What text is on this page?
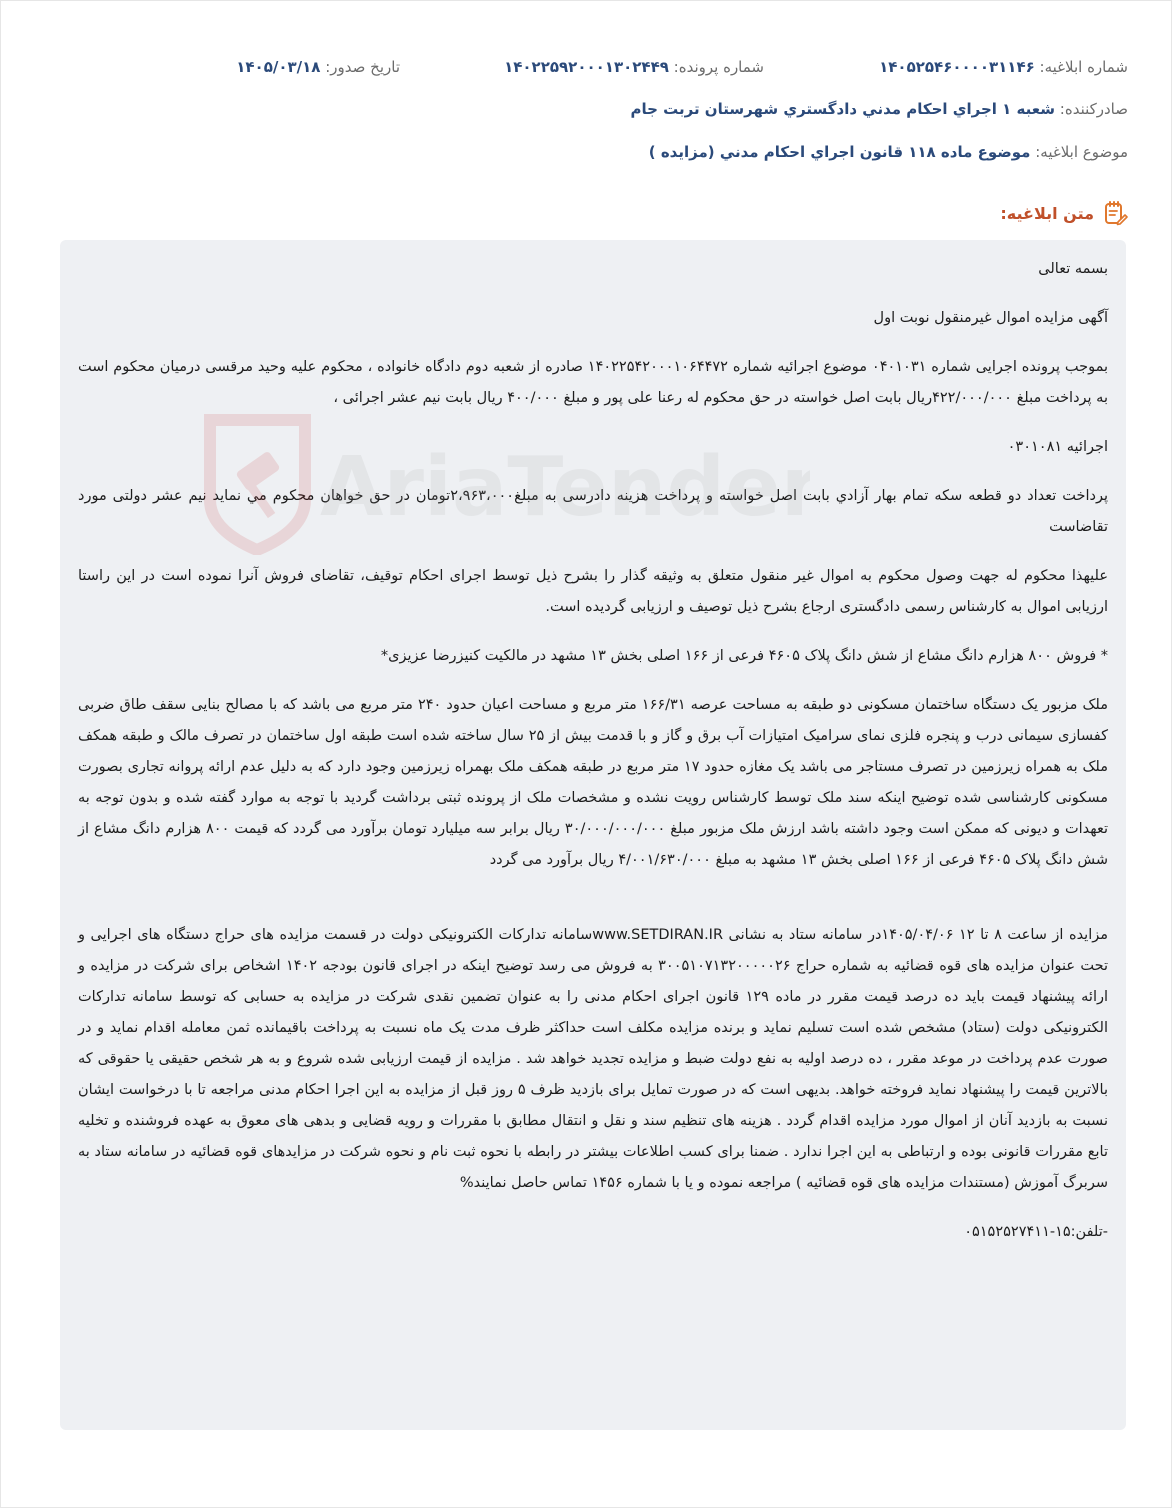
شماره ابلاغیه: ۱۴۰۵۲۵۴۶۰۰۰۰۳۱۱۴۶
شماره پرونده: ۱۴۰۲۲۵۹۲۰۰۰۱۳۰۲۴۴۹
تاریخ صدور: ۱۴۰۵/۰۳/۱۸
صادرکننده: شعبه ۱ اجراي احكام مدني دادگستري شهرستان تربت جام
موضوع ابلاغیه: موضوع ماده ۱۱۸ قانون اجراي احكام مدني (مزایده )
متن ابلاغیه:

بسمه تعالی

آگهی مزایده اموال غیرمنقول نوبت اول

بموجب پرونده اجرایی شماره ۰۴۰۱۰۳۱ موضوع اجرائیه شماره ۱۴۰۲۲۵۴۲۰۰۰۱۰۶۴۴۷۲ صادره از شعبه دوم دادگاه خانواده ، محکوم علیه وحید مرقسی درمیان محکوم است به پرداخت مبلغ ۴۲۲/۰۰۰/۰۰۰ریال بابت اصل خواسته در حق محکوم له رعنا علی پور و مبلغ ۴۰۰/۰۰۰ ریال بابت نیم عشر اجرائی ،

اجرائیه ۰۳۰۱۰۸۱

پرداخت تعداد دو قطعه سکه تمام بهار آزادي بابت اصل خواسته و پرداخت هزینه دادرسی به مبلغ۲،۹۶۳،۰۰۰تومان در حق خواهان محکوم مي نماید نیم عشر دولتی مورد تقاضاست

علیهذا محکوم له جهت وصول محکوم به اموال غیر منقول متعلق به وثیقه گذار را بشرح ذیل توسط اجرای احکام توقیف، تقاضای فروش آنرا نموده است در این راستا ارزیابی اموال به کارشناس رسمی دادگستری ارجاع بشرح ذیل توصیف و ارزیابی گردیده است.

* فروش ۸۰۰ هزارم دانگ مشاع از شش دانگ پلاک ۴۶۰۵ فرعی از ۱۶۶ اصلی بخش ۱۳ مشهد در مالکیت کنیزرضا عزیزی*

ملک مزبور یک دستگاه ساختمان مسکونی دو طبقه به مساحت عرصه ۱۶۶/۳۱ متر مربع و مساحت اعیان حدود ۲۴۰ متر مربع می باشد که با مصالح بنایی سقف طاق ضربی کفسازی سیمانی درب و پنجره فلزی نمای سرامیک امتیازات آب برق و گاز و با قدمت بیش از ۲۵ سال ساخته شده است طبقه اول ساختمان در تصرف مالک و طبقه همکف ملک به همراه زیرزمین در تصرف مستاجر می باشد یک مغازه حدود ۱۷ متر مربع در طبقه همکف ملک بهمراه زیرزمین وجود دارد که به دلیل عدم ارائه پروانه تجاری بصورت مسکونی کارشناسی شده توضیح اینکه سند ملک توسط کارشناس رویت نشده و مشخصات ملک از پرونده ثبتی برداشت گردید با توجه به موارد گفته شده و بدون توجه به تعهدات و دیونی که ممکن است وجود داشته باشد ارزش ملک مزبور مبلغ ۳۰/۰۰۰/۰۰۰/۰۰۰ ریال برابر سه میلیارد تومان برآورد می گردد که قیمت ۸۰۰ هزارم دانگ مشاع از شش دانگ پلاک ۴۶۰۵ فرعی از ۱۶۶ اصلی بخش ۱۳ مشهد به مبلغ ۴/۰۰۱/۶۳۰/۰۰۰ ریال برآورد می گردد

مزایده از ساعت ۸ تا ۱۲ ۱۴۰۵/۰۴/۰۶در سامانه ستاد به نشانی www.SETDIRAN.IRسامانه تدارکات الکترونیکی دولت در قسمت مزایده های حراج دستگاه های اجرایی و تحت عنوان مزایده های قوه قضائیه به شماره حراج ۳۰۰۵۱۰۷۱۳۲۰۰۰۰۰۲۶ به فروش می رسد توضیح اینکه در اجرای قانون بودجه ۱۴۰۲ اشخاص برای شرکت در مزایده و ارائه پیشنهاد قیمت باید ده درصد قیمت مقرر در ماده ۱۲۹ قانون اجرای احکام مدنی را به عنوان تضمین نقدی شرکت در مزایده به حسابی که توسط سامانه تدارکات الکترونیکی دولت (ستاد) مشخص شده است تسلیم نماید و برنده مزایده مکلف است حداکثر ظرف مدت یک ماه نسبت به پرداخت باقیمانده ثمن معامله اقدام نماید و در صورت عدم پرداخت در موعد مقرر ، ده درصد اولیه به نفع دولت ضبط و مزایده تجدید خواهد شد . مزایده از قیمت ارزیابی شده شروع و به هر شخص حقیقی یا حقوقی که بالاترین قیمت را پیشنهاد نماید فروخته خواهد. بدیهی است که در صورت تمایل برای بازدید ظرف ۵ روز قبل از مزایده به این اجرا احکام مدنی مراجعه تا با درخواست ایشان نسبت به بازدید آنان از اموال مورد مزایده اقدام گردد . هزینه های تنظیم سند و نقل و انتقال مطابق با مقررات و رویه قضایی و بدهی های معوق به عهده فروشنده و تخلیه تابع مقررات قانونی بوده و ارتباطی به این اجرا ندارد . ضمنا برای کسب اطلاعات بیشتر در رابطه با نحوه ثبت نام و نحوه شرکت در مزایدهای قوه قضائیه در سامانه ستاد به سربرگ آموزش (مستندات مزایده های قوه قضائیه ) مراجعه نموده و یا با شماره ۱۴۵۶ تماس حاصل نمایند%

-تلفن:۱۵-۰۵۱۵۲۵۲۷۴۱۱
